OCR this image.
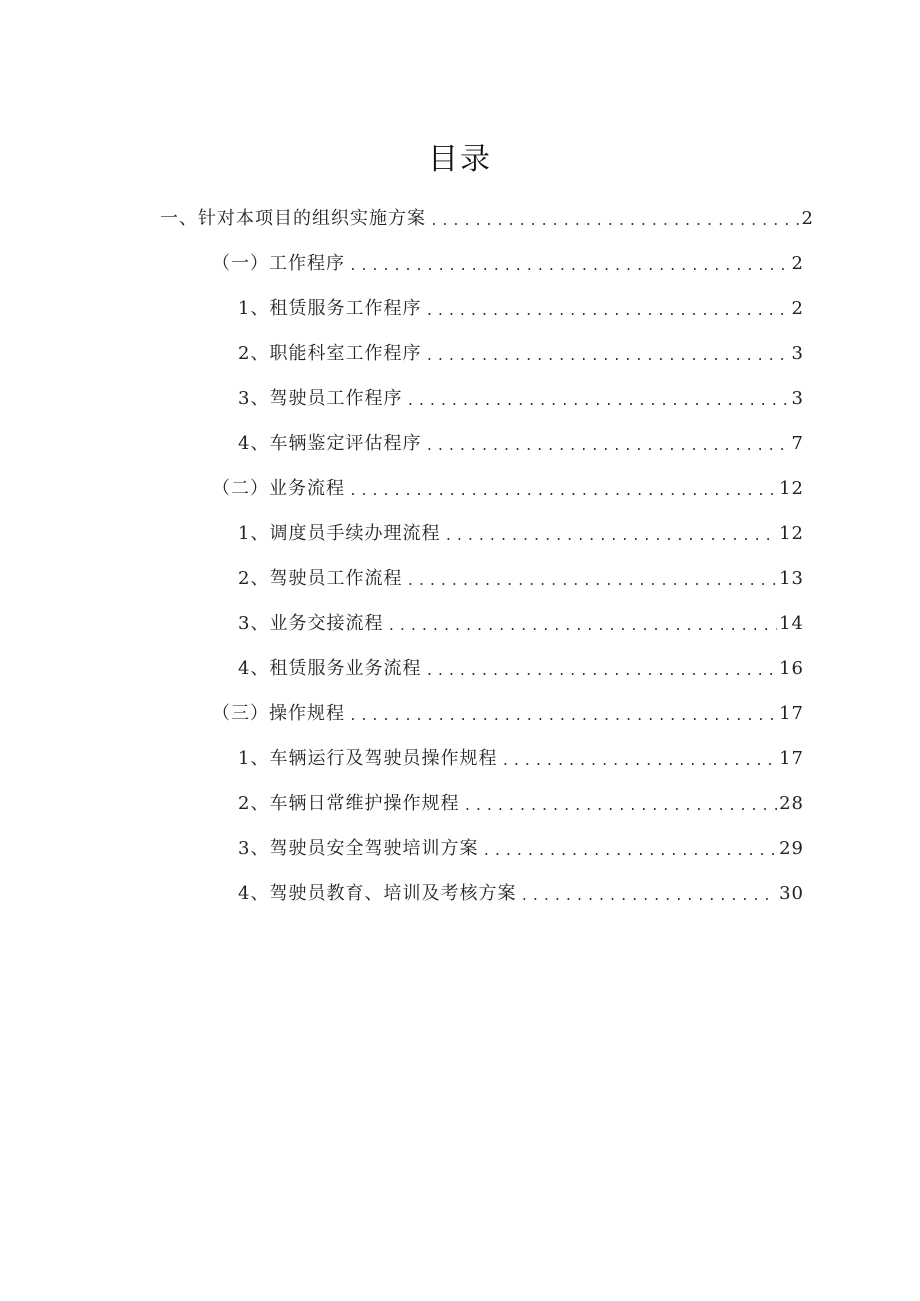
目录
一、针对本项目的组织实施方案 .....	2
（一）工作程序 .....	2
1、租赁服务工作程序 .....	2
2、职能科室工作程序 .....	3
3、驾驶员工作程序 .....	3
4、车辆鉴定评估程序 .....	7
（二）业务流程 .....	12
1、调度员手续办理流程 .....	12
2、驾驶员工作流程 .....	13
3、业务交接流程 .....	14
4、租赁服务业务流程 .....	16
（三）操作规程 .....	17
1、车辆运行及驾驶员操作规程 .....	17
2、车辆日常维护操作规程 .....	28
3、驾驶员安全驾驶培训方案 .....	29
4、驾驶员教育、培训及考核方案 .....	30
